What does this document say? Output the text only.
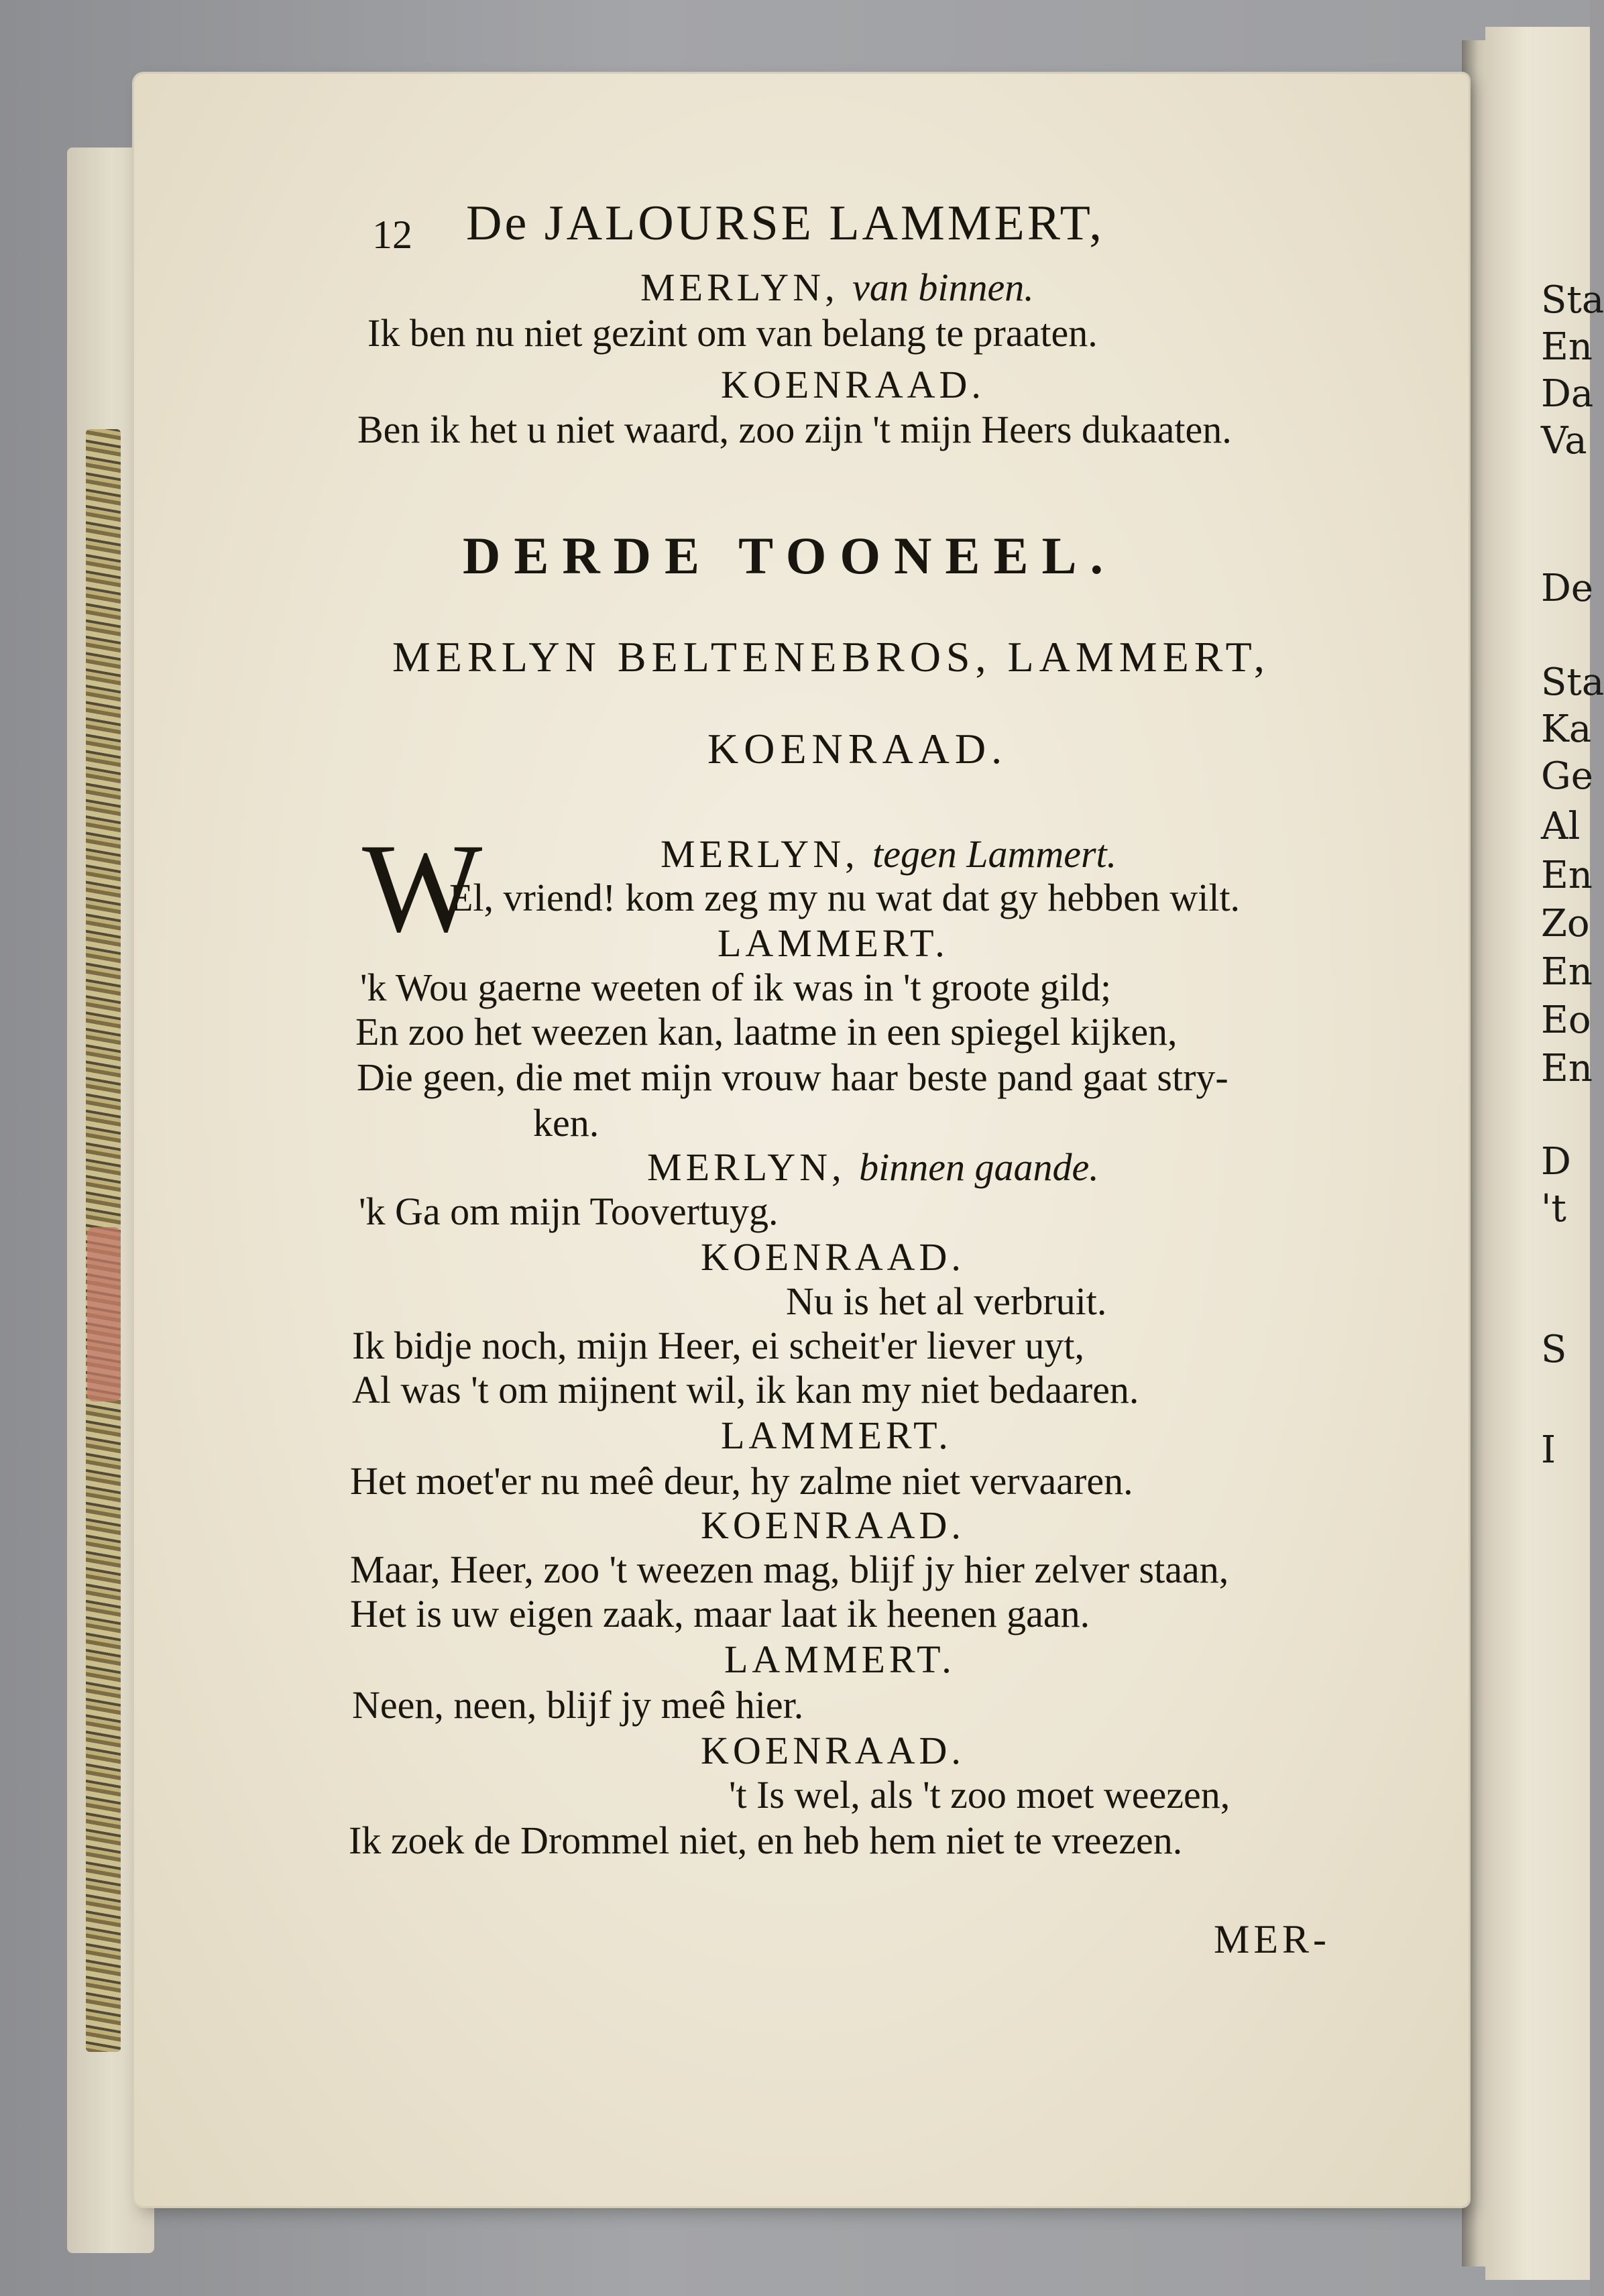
12 De JALOURSE LAMMERT,
MERLYN, van binnen.
Ik ben nu niet gezint om van belang te praaten.
KOENRAAD.
Ben ik het u niet waard, zoo zijn 't mijn Heers dukaaten.
DERDE TOONEEL.
MERLYN BELTENEBROS, LAMMERT,
KOENRAAD.
W	MERLYN, tegen Lammert.
El, vriend! kom zeg my nu wat dat gy hebben wilt.
LAMMERT.
'k Wou gaerne weeten of ik was in 't groote gild;
En zoo het weezen kan, laatme in een spiegel kijken,
Die geen, die met mijn vrouw haar beste pand gaat stry-
ken.
MERLYN, binnen gaande.
'k Ga om mijn Toovertuyg.
KOENRAAD.
Nu is het al verbruit.
Ik bidje noch, mijn Heer, ei scheit'er liever uyt,
Al was 't om mijnent wil, ik kan my niet bedaaren.
LAMMERT.
Het moet'er nu meê deur, hy zalme niet vervaaren.
KOENRAAD.
Maar, Heer, zoo 't weezen mag, blijf jy hier zelver staan,
Het is uw eigen zaak, maar laat ik heenen gaan.
LAMMERT.
Neen, neen, blijf jy meê hier.
KOENRAAD.
't Is wel, als 't zoo moet weezen,
Ik zoek de Drommel niet, en heb hem niet te vreezen.
MER-
Sta
En
Da
Va
De
Sta
Ka
Ge
Al
En
Zo
En
Eo
En
D
't
S
I
